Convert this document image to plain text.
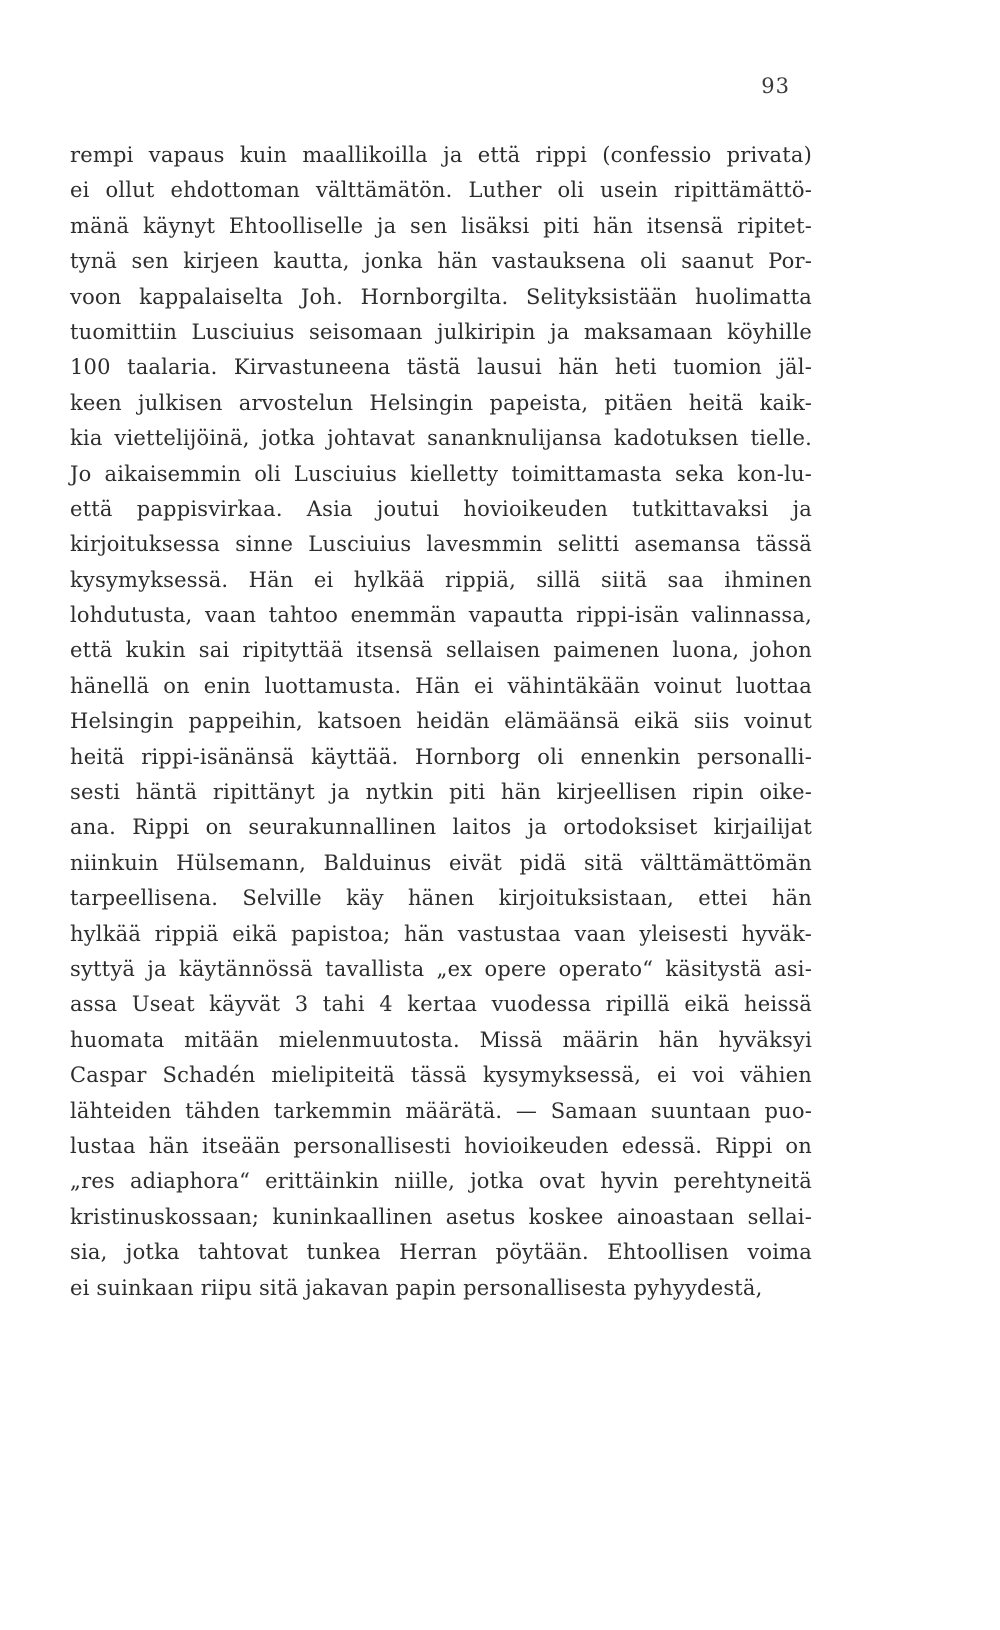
93
rempi vapaus kuin maallikoilla ja että rippi (confessio privata)
ei ollut ehdottoman välttämätön. Luther oli usein ripittämättö-
mänä käynyt Ehtoolliselle ja sen lisäksi piti hän itsensä ripitet-
tynä sen kirjeen kautta, jonka hän vastauksena oli saanut Por-
voon kappalaiselta Joh. Hornborgilta. Selityksistään huolimatta
tuomittiin Lusciuius seisomaan julkiripin ja maksamaan köyhille
100 taalaria. Kirvastuneena tästä lausui hän heti tuomion jäl-
keen julkisen arvostelun Helsingin papeista, pitäen heitä kaik-
kia viettelijöinä, jotka johtavat sananknulijansa kadotuksen tielle.
Jo aikaisemmin oli Lusciuius kielletty toimittamasta seka kon-lu-
että pappisvirkaa. Asia joutui hovioikeuden tutkittavaksi ja
kirjoituksessa sinne Lusciuius lavesmmin selitti asemansa tässä
kysymyksessä. Hän ei hylkää rippiä, sillä siitä saa ihminen
lohdutusta, vaan tahtoo enemmän vapautta rippi-isän valinnassa,
että kukin sai ripityttää itsensä sellaisen paimenen luona, johon
hänellä on enin luottamusta. Hän ei vähintäkään voinut luottaa
Helsingin pappeihin, katsoen heidän elämäänsä eikä siis voinut
heitä rippi-isänänsä käyttää. Hornborg oli ennenkin personalli-
sesti häntä ripittänyt ja nytkin piti hän kirjeellisen ripin oike-
ana. Rippi on seurakunnallinen laitos ja ortodoksiset kirjailijat
niinkuin Hülsemann, Balduinus eivät pidä sitä välttämättömän
tarpeellisena. Selville käy hänen kirjoituksistaan, ettei hän
hylkää rippiä eikä papistoa; hän vastustaa vaan yleisesti hyväk-
syttyä ja käytännössä tavallista „ex opere operato“ käsitystä asi-
assa Useat käyvät 3 tahi 4 kertaa vuodessa ripillä eikä heissä
huomata mitään mielenmuutosta. Missä määrin hän hyväksyi
Caspar Schadén mielipiteitä tässä kysymyksessä, ei voi vähien
lähteiden tähden tarkemmin määrätä. — Samaan suuntaan puo-
lustaa hän itseään personallisesti hovioikeuden edessä. Rippi on
„res adiaphora“ erittäinkin niille, jotka ovat hyvin perehtyneitä
kristinuskossaan; kuninkaallinen asetus koskee ainoastaan sellai-
sia, jotka tahtovat tunkea Herran pöytään. Ehtoollisen voima
ei suinkaan riipu sitä jakavan papin personallisesta pyhyydestä,
